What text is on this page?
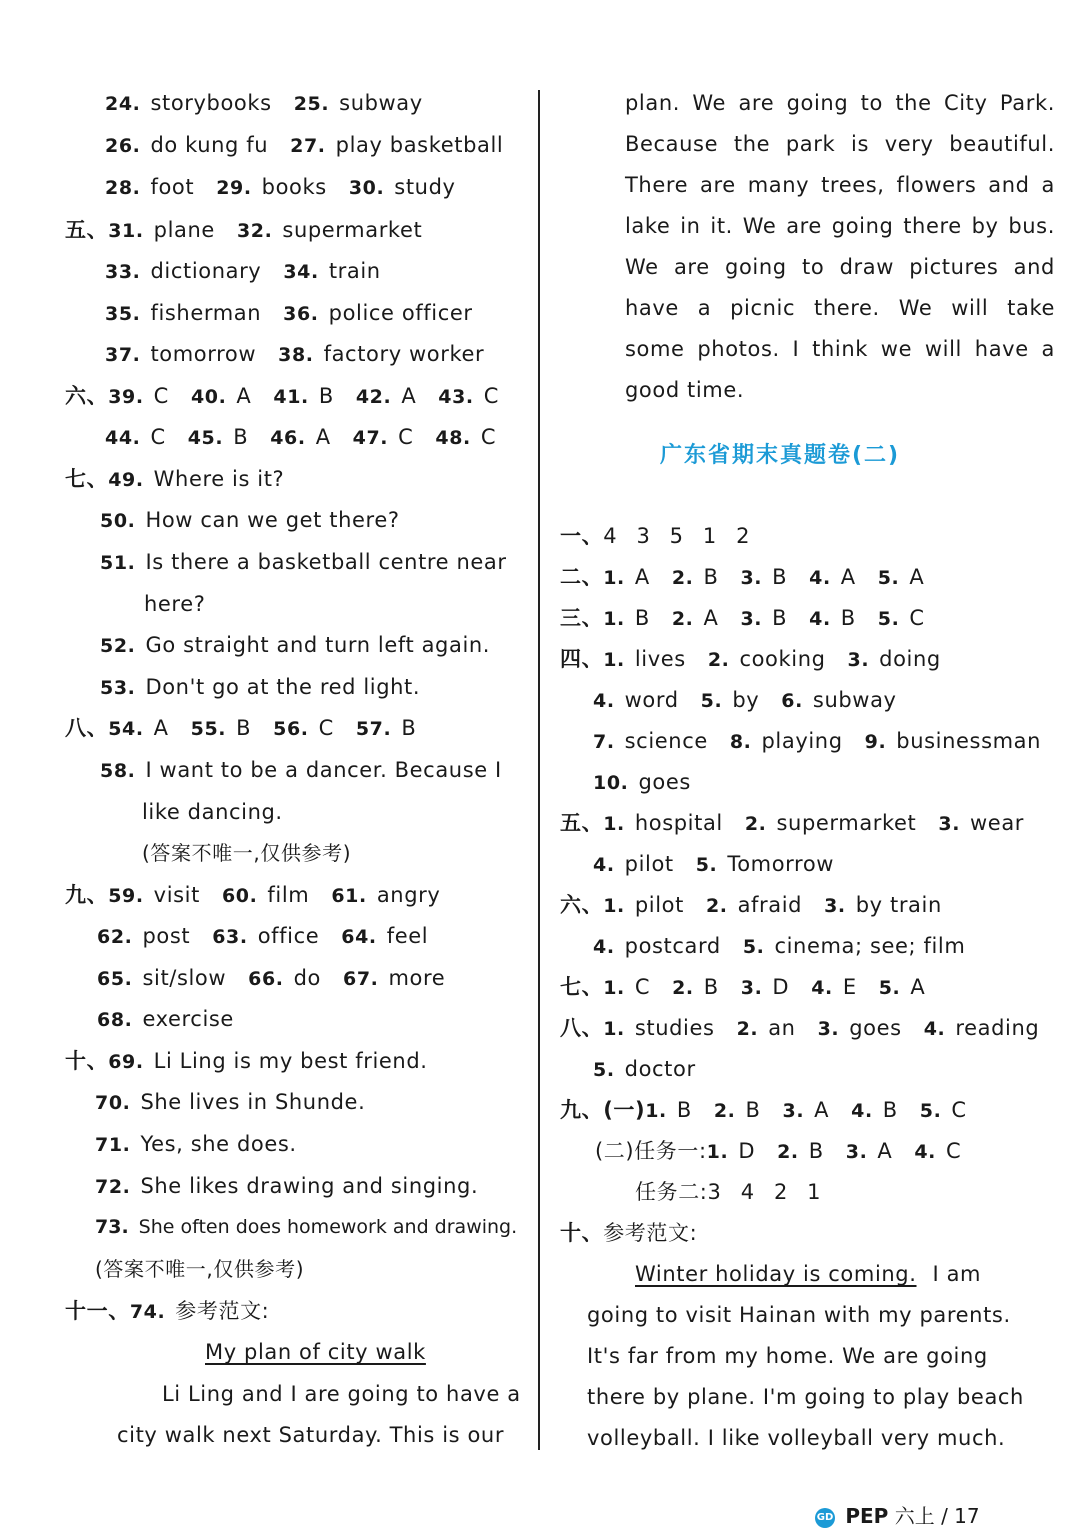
24. storybooks 25. subway
26. do kung fu 27. play basketball
28. foot 29. books 30. study
五、31. plane 32. supermarket
33. dictionary 34. train
35. fisherman 36. police officer
37. tomorrow 38. factory worker
六、39. C 40. A 41. B 42. A 43. C
44. C 45. B 46. A 47. C 48. C
七、49. Where is it?
50. How can we get there?
51. Is there a basketball centre near
here?
52. Go straight and turn left again.
53. Don't go at the red light.
八、54. A 55. B 56. C 57. B
58. I want to be a dancer. Because I
like dancing.
(答案不唯一,仅供参考)
九、59. visit 60. film 61. angry
62. post 63. office 64. feel
65. sit/slow 66. do 67. more
68. exercise
十、69. Li Ling is my best friend.
70. She lives in Shunde.
71. Yes, she does.
72. She likes drawing and singing.
73. She often does homework and drawing.
(答案不唯一,仅供参考)
十一、74. 参考范文:
My plan of city walk
Li Ling and I are going to have a
city walk next Saturday. This is our
plan. We are going to the City Park.
Because the park is very beautiful.
There are many trees, flowers and a
lake in it. We are going there by bus.
We are going to draw pictures and
have a picnic there. We will take
some photos. I think we will have a
good time.
广东省期末真题卷(二)
一、4 3 5 1 2
二、1. A 2. B 3. B 4. A 5. A
三、1. B 2. A 3. B 4. B 5. C
四、1. lives 2. cooking 3. doing
4. word 5. by 6. subway
7. science 8. playing 9. businessman
10. goes
五、1. hospital 2. supermarket 3. wear
4. pilot 5. Tomorrow
六、1. pilot 2. afraid 3. by train
4. postcard 5. cinema; see; film
七、1. C 2. B 3. D 4. E 5. A
八、1. studies 2. an 3. goes 4. reading
5. doctor
九、(一)1. B 2. B 3. A 4. B 5. C
(二)任务一:1. D 2. B 3. A 4. C
任务二:3 4 2 1
十、参考范文:
Winter holiday is coming. I am
going to visit Hainan with my parents.
It's far from my home. We are going
there by plane. I'm going to play beach
volleyball. I like volleyball very much.
GD PEP 六上 / 17
